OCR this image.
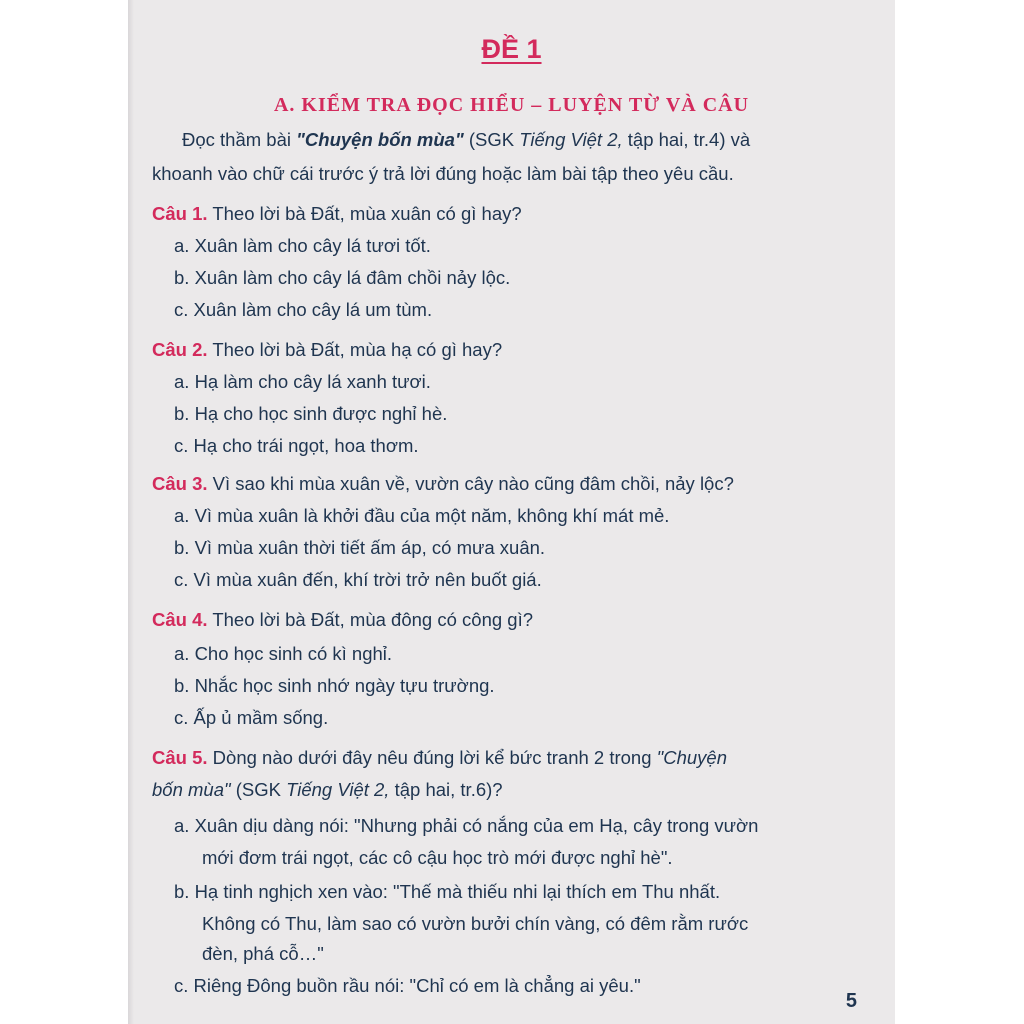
ĐỀ 1
A. KIỂM TRA ĐỌC HIỂU – LUYỆN TỪ VÀ CÂU
Đọc thầm bài "Chuyện bốn mùa" (SGK Tiếng Việt 2, tập hai, tr.4) và
khoanh vào chữ cái trước ý trả lời đúng hoặc làm bài tập theo yêu cầu.
Câu 1. Theo lời bà Đất, mùa xuân có gì hay?
a. Xuân làm cho cây lá tươi tốt.
b. Xuân làm cho cây lá đâm chồi nảy lộc.
c. Xuân làm cho cây lá um tùm.
Câu 2. Theo lời bà Đất, mùa hạ có gì hay?
a. Hạ làm cho cây lá xanh tươi.
b. Hạ cho học sinh được nghỉ hè.
c. Hạ cho trái ngọt, hoa thơm.
Câu 3. Vì sao khi mùa xuân về, vườn cây nào cũng đâm chồi, nảy lộc?
a. Vì mùa xuân là khởi đầu của một năm, không khí mát mẻ.
b. Vì mùa xuân thời tiết ấm áp, có mưa xuân.
c. Vì mùa xuân đến, khí trời trở nên buốt giá.
Câu 4. Theo lời bà Đất, mùa đông có công gì?
a. Cho học sinh có kì nghỉ.
b. Nhắc học sinh nhớ ngày tựu trường.
c. Ấp ủ mầm sống.
Câu 5. Dòng nào dưới đây nêu đúng lời kể bức tranh 2 trong "Chuyện
bốn mùa" (SGK Tiếng Việt 2, tập hai, tr.6)?
a. Xuân dịu dàng nói: "Nhưng phải có nắng của em Hạ, cây trong vườn
mới đơm trái ngọt, các cô cậu học trò mới được nghỉ hè".
b. Hạ tinh nghịch xen vào: "Thế mà thiếu nhi lại thích em Thu nhất.
Không có Thu, làm sao có vườn bưởi chín vàng, có đêm rằm rước
đèn, phá cỗ…"
c. Riêng Đông buồn rầu nói: "Chỉ có em là chẳng ai yêu."
5
